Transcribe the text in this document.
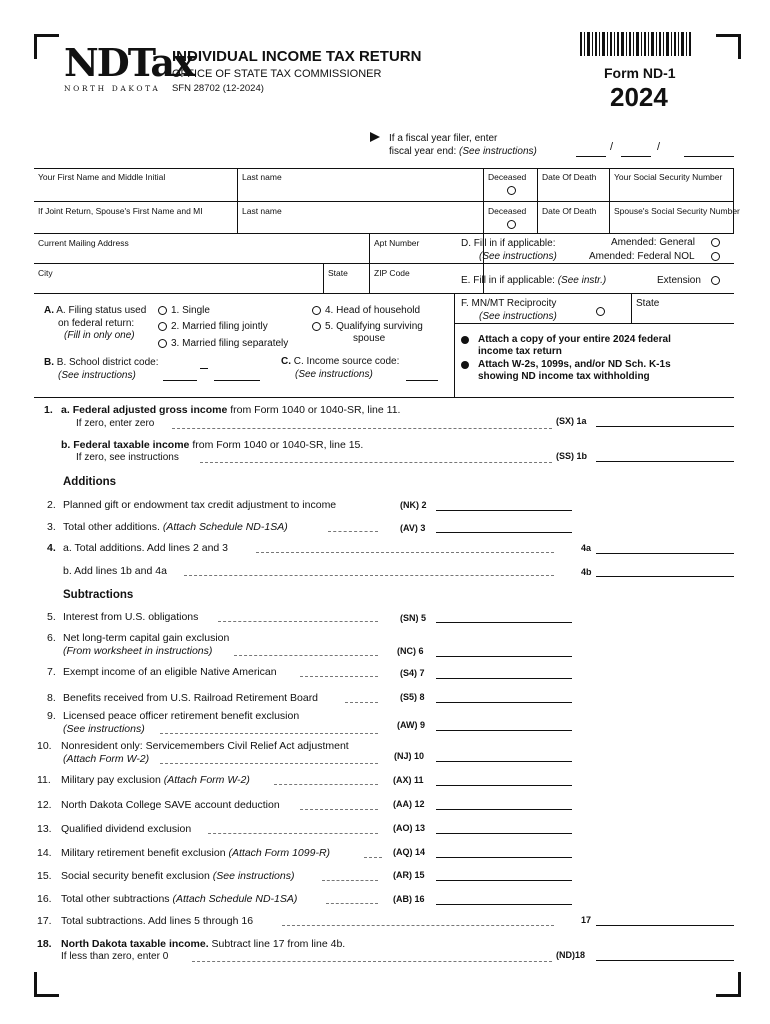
NDTax
NORTH DAKOTA
INDIVIDUAL INCOME TAX RETURN
OFFICE OF STATE TAX COMMISSIONER
SFN 28702 (12-2024)
Form ND-1
2024
If a fiscal year filer, enter
fiscal year end: (See instructions)	/	/
Your First Name and Middle Initial	Last name	Deceased Date Of Death Your Social Security Number
If Joint Return, Spouse's First Name and MI	Last name	Deceased Date Of Death Spouse's Social Security Number
Current Mailing Address	Apt Number
City	State	ZIP Code
D. Fill in if applicable:
(See instructions)
Amended: General
Amended: Federal NOL
E. Fill in if applicable: (See instr.)	Extension
F. MN/MT Reciprocity
(See instructions)
State
Attach a copy of your entire 2024 federal
income tax return
Attach W-2s, 1099s, and/or ND Sch. K-1s
showing ND income tax withholding
A. A. Filing status used
on federal return:
(Fill in only one)
1. Single
2. Married filing jointly
3. Married filing separately
4. Head of household
5. Qualifying surviving
spouse
B. B. School district code:
(See instructions)
C. C. Income source code:
(See instructions)
1. a. Federal adjusted gross income from Form 1040 or 1040-SR, line 11.
If zero, enter zero	(SX) 1a
b. Federal taxable income from Form 1040 or 1040-SR, line 15.
If zero, see instructions	(SS) 1b
Additions
2. Planned gift or endowment tax credit adjustment to income	(NK) 2
3. Total other additions. (Attach Schedule ND-1SA)	(AV) 3
4. a. Total additions. Add lines 2 and 3	4a
b. Add lines 1b and 4a	4b
Subtractions
5. Interest from U.S. obligations	(SN) 5
6. Net long-term capital gain exclusion
(From worksheet in instructions)	(NC) 6
7. Exempt income of an eligible Native American	(S4) 7
8. Benefits received from U.S. Railroad Retirement Board	(S5) 8
9. Licensed peace officer retirement benefit exclusion
(See instructions)	(AW) 9
10. Nonresident only: Servicemembers Civil Relief Act adjustment
(Attach Form W-2)	(NJ) 10
11. Military pay exclusion (Attach Form W-2)	(AX) 11
12. North Dakota College SAVE account deduction	(AA) 12
13. Qualified dividend exclusion	(AO) 13
14. Military retirement benefit exclusion (Attach Form 1099-R)	(AQ) 14
15. Social security benefit exclusion (See instructions)	(AR) 15
16. Total other subtractions (Attach Schedule ND-1SA)	(AB) 16
17. Total subtractions. Add lines 5 through 16	17
18. North Dakota taxable income. Subtract line 17 from line 4b.
If less than zero, enter 0	(ND)18
